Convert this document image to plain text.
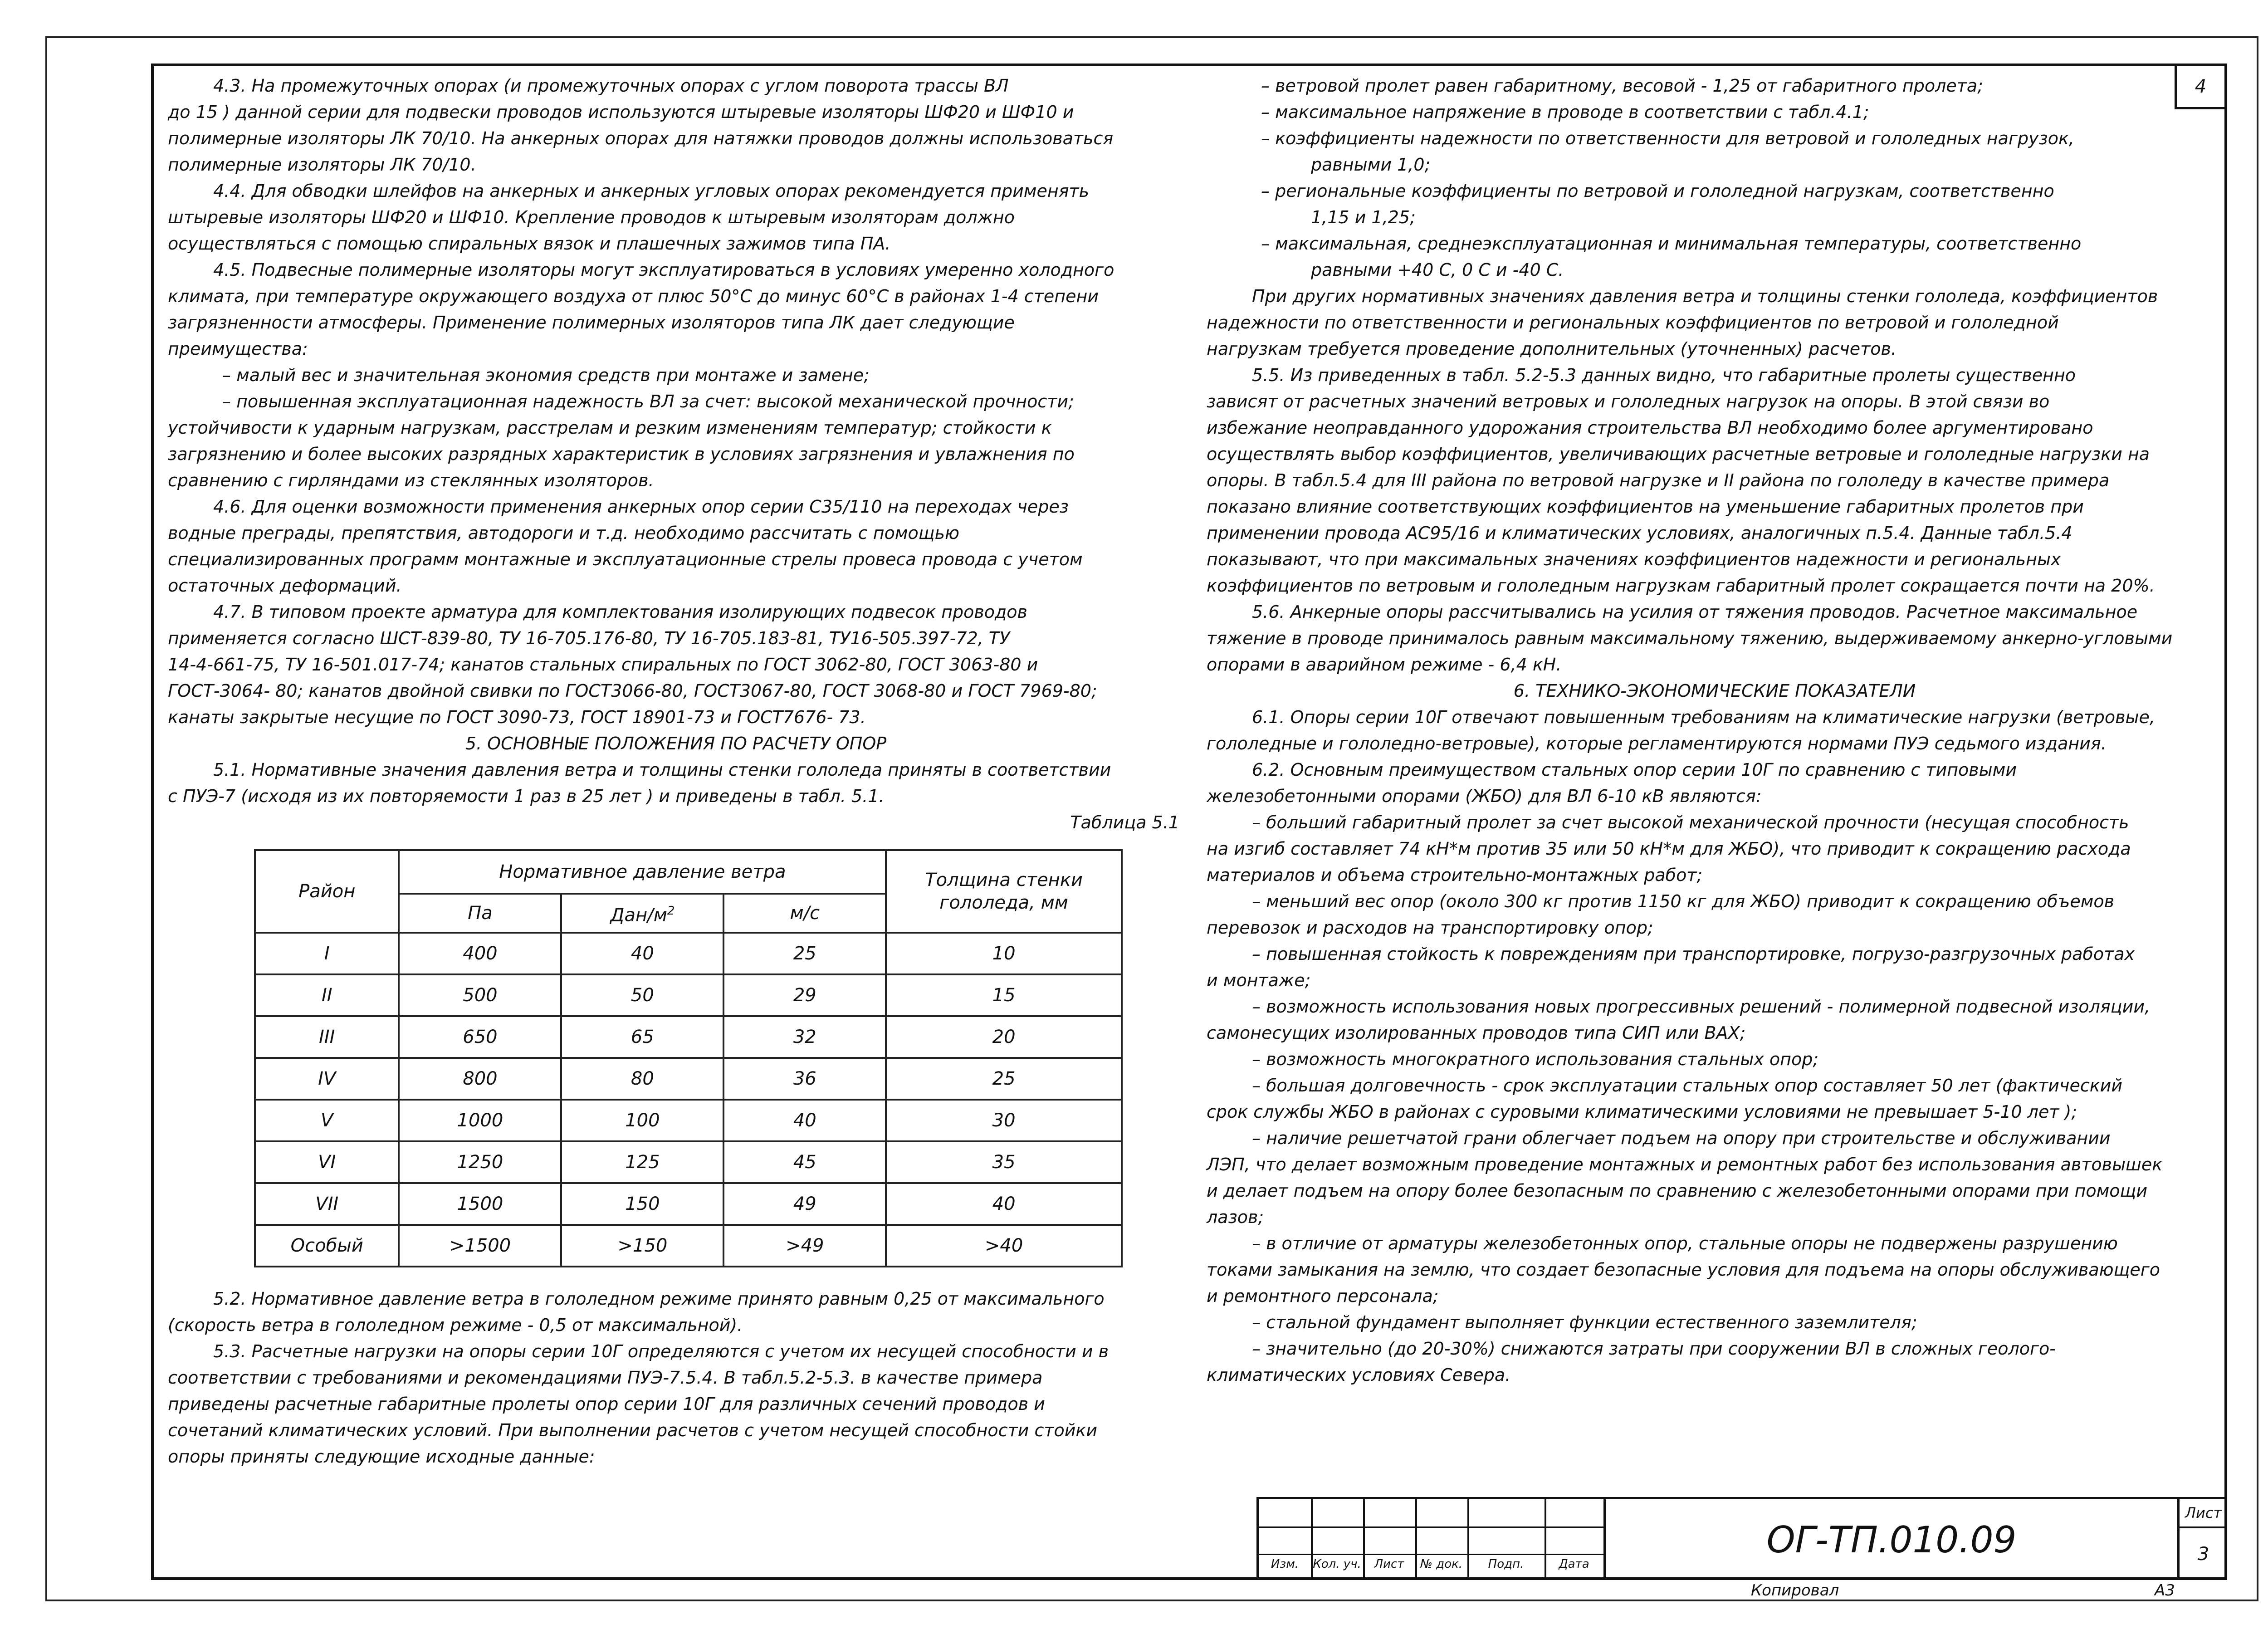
4

4.3. На промежуточных опорах (и промежуточных опорах с углом поворота трассы ВЛ

до 15 ) данной серии для подвески проводов используются штыревые изоляторы ШФ20 и ШФ10 и

полимерные изоляторы ЛК 70/10. На анкерных опорах для натяжки проводов должны использоваться

полимерные изоляторы ЛК 70/10.

4.4. Для обводки шлейфов на анкерных и анкерных угловых опорах рекомендуется применять

штыревые изоляторы ШФ20 и ШФ10. Крепление проводов к штыревым изоляторам должно

осуществляться с помощью спиральных вязок и плашечных зажимов типа ПА.

4.5. Подвесные полимерные изоляторы могут эксплуатироваться в условиях умеренно холодного

климата, при температуре окружающего воздуха от плюс 50°C до минус 60°C в районах 1-4 степени

загрязненности атмосферы. Применение полимерных изоляторов типа ЛК дает следующие

преимущества:

– малый вес и значительная экономия средств при монтаже и замене;

– повышенная эксплуатационная надежность ВЛ за счет: высокой механической прочности;

устойчивости к ударным нагрузкам, расстрелам и резким изменениям температур; стойкости к

загрязнению и более высоких разрядных характеристик в условиях загрязнения и увлажнения по

сравнению с гирляндами из стеклянных изоляторов.

4.6. Для оценки возможности применения анкерных опор серии С35/110 на переходах через

водные преграды, препятствия, автодороги и т.д. необходимо рассчитать с помощью

специализированных программ монтажные и эксплуатационные стрелы провеса провода с учетом

остаточных деформаций.

4.7. В типовом проекте арматура для комплектования изолирующих подвесок проводов

применяется согласно ШСТ-839-80, ТУ 16-705.176-80, ТУ 16-705.183-81, ТУ16-505.397-72, ТУ

14-4-661-75, ТУ 16-501.017-74; канатов стальных спиральных по ГОСТ 3062-80, ГОСТ 3063-80 и

ГОСТ-3064- 80; канатов двойной свивки по ГОСТ3066-80, ГОСТ3067-80, ГОСТ 3068-80 и ГОСТ 7969-80;

канаты закрытые несущие по ГОСТ 3090-73, ГОСТ 18901-73 и ГОСТ7676- 73.

5. ОСНОВНЫЕ ПОЛОЖЕНИЯ ПО РАСЧЕТУ ОПОР

5.1. Нормативные значения давления ветра и толщины стенки гололеда приняты в соответствии

с ПУЭ-7 (исходя из их повторяемости 1 раз в 25 лет ) и приведены в табл. 5.1.

Таблица 5.1

Район	Нормативное давление ветра			Толщина стенки гололеда, мм
	Па	Дан/$м^2$	м/с	
I	400	40	25	10
II	500	50	29	15
III	650	65	32	20
IV	800	80	36	25
V	1000	100	40	30
VI	1250	125	45	35
VII	1500	150	49	40
Особый	>1500	>150	>49	>40

5.2. Нормативное давление ветра в гололедном режиме принято равным 0,25 от максимального

(скорость ветра в гололедном режиме - 0,5 от максимальной).

5.3. Расчетные нагрузки на опоры серии 10Г определяются с учетом их несущей способности и в

соответствии с требованиями и рекомендациями ПУЭ-7.5.4. В табл.5.2-5.3. в качестве примера

приведены расчетные габаритные пролеты опор серии 10Г для различных сечений проводов и

сочетаний климатических условий. При выполнении расчетов с учетом несущей способности стойки

опоры приняты следующие исходные данные:

– ветровой пролет равен габаритному, весовой - 1,25 от габаритного пролета;

– максимальное напряжение в проводе в соответствии с табл.4.1;

– коэффициенты надежности по ответственности для ветровой и гололедных нагрузок,

равными 1,0;

– региональные коэффициенты по ветровой и гололедной нагрузкам, соответственно

1,15 и 1,25;

– максимальная, среднеэксплуатационная и минимальная температуры, соответственно

равными +40 С, 0 С и -40 С.

При других нормативных значениях давления ветра и толщины стенки гололеда, коэффициентов

надежности по ответственности и региональных коэффициентов по ветровой и гололедной

нагрузкам требуется проведение дополнительных (уточненных) расчетов.

5.5. Из приведенных в табл. 5.2-5.3 данных видно, что габаритные пролеты существенно

зависят от расчетных значений ветровых и гололедных нагрузок на опоры. В этой связи во

избежание неоправданного удорожания строительства ВЛ необходимо более аргументировано

осуществлять выбор коэффициентов, увеличивающих расчетные ветровые и гололедные нагрузки на

опоры. В табл.5.4 для III района по ветровой нагрузке и II района по гололеду в качестве примера

показано влияние соответствующих коэффициентов на уменьшение габаритных пролетов при

применении провода АС95/16 и климатических условиях, аналогичных п.5.4. Данные табл.5.4

показывают, что при максимальных значениях коэффициентов надежности и региональных

коэффициентов по ветровым и гололедным нагрузкам габаритный пролет сокращается почти на 20%.

5.6. Анкерные опоры рассчитывались на усилия от тяжения проводов. Расчетное максимальное

тяжение в проводе принималось равным максимальному тяжению, выдерживаемому анкерно-угловыми

опорами в аварийном режиме - 6,4 кН.

6. ТЕХНИКО-ЭКОНОМИЧЕСКИЕ ПОКАЗАТЕЛИ

6.1. Опоры серии 10Г отвечают повышенным требованиям на климатические нагрузки (ветровые,

гололедные и гололедно-ветровые), которые регламентируются нормами ПУЭ седьмого издания.

6.2. Основным преимуществом стальных опор серии 10Г по сравнению с типовыми

железобетонными опорами (ЖБО) для ВЛ 6-10 кВ являются:

– больший габаритный пролет за счет высокой механической прочности (несущая способность

на изгиб составляет 74 кН*м против 35 или 50 кН*м для ЖБО), что приводит к сокращению расхода

материалов и объема строительно-монтажных работ;

– меньший вес опор (около 300 кг против 1150 кг для ЖБО) приводит к сокращению объемов

перевозок и расходов на транспортировку опор;

– повышенная стойкость к повреждениям при транспортировке, погрузо-разгрузочных работах

и монтаже;

– возможность использования новых прогрессивных решений - полимерной подвесной изоляции,

самонесущих изолированных проводов типа СИП или ВАХ;

– возможность многократного использования стальных опор;

– большая долговечность - срок эксплуатации стальных опор составляет 50 лет (фактический

срок службы ЖБО в районах с суровыми климатическими условиями не превышает 5-10 лет );

– наличие решетчатой грани облегчает подъем на опору при строительстве и обслуживании

ЛЭП, что делает возможным проведение монтажных и ремонтных работ без использования автовышек

и делает подъем на опору более безопасным по сравнению с железобетонными опорами при помощи

лазов;

– в отличие от арматуры железобетонных опор, стальные опоры не подвержены разрушению

токами замыкания на землю, что создает безопасные условия для подъема на опоры обслуживающего

и ремонтного персонала;

– стальной фундамент выполняет функции естественного заземлителя;

– значительно (до 20-30%) снижаются затраты при сооружении ВЛ в сложных геолого-

климатических условиях Севера.

Изм.	Кол. уч.	Лист	№ док.	Подп.	Дата
ОГ-ТП.010.09
Лист
3
Копировал	А3
